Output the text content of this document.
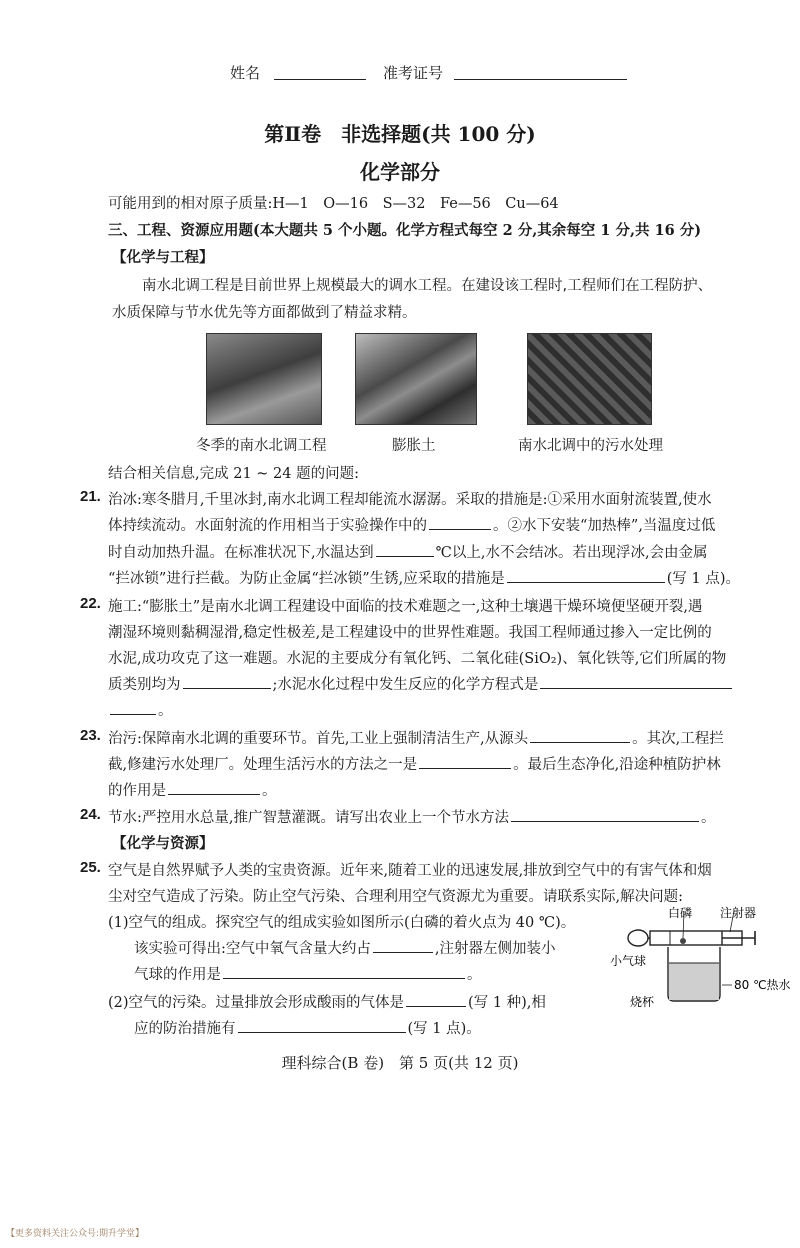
姓名	准考证号
第Ⅱ卷　非选择题(共 100 分)
化学部分
可能用到的相对原子质量:H—1　O—16　S—32　Fe—56　Cu—64
三、工程、资源应用题(本大题共 5 个小题。化学方程式每空 2 分,其余每空 1 分,共 16 分)
【化学与工程】
南水北调工程是目前世界上规模最大的调水工程。在建设该工程时,工程师们在工程防护、
水质保障与节水优先等方面都做到了精益求精。
冬季的南水北调工程	膨胀土	南水北调中的污水处理
结合相关信息,完成 21 ~ 24 题的问题:
21. 治冰:寒冬腊月,千里冰封,南水北调工程却能流水潺潺。采取的措施是:①采用水面射流装置,使水
体持续流动。水面射流的作用相当于实验操作中的	。②水下安装“加热棒”,当温度过低
时自动加热升温。在标准状况下,水温达到	℃以上,水不会结冰。若出现浮冰,会由金属
“拦冰锁”进行拦截。为防止金属“拦冰锁”生锈,应采取的措施是	(写 1 点)。
22. 施工:“膨胀土”是南水北调工程建设中面临的技术难题之一,这种土壤遇干燥环境便坚硬开裂,遇
潮湿环境则黏稠湿滑,稳定性极差,是工程建设中的世界性难题。我国工程师通过掺入一定比例的
水泥,成功攻克了这一难题。水泥的主要成分有氧化钙、二氧化硅(SiO₂)、氧化铁等,它们所属的物
质类别均为	;水泥水化过程中发生反应的化学方程式是
。
23. 治污:保障南水北调的重要环节。首先,工业上强制清洁生产,从源头	。其次,工程拦
截,修建污水处理厂。处理生活污水的方法之一是	。最后生态净化,沿途种植防护林
的作用是	。
24. 节水:严控用水总量,推广智慧灌溉。请写出农业上一个节水方法	。
【化学与资源】
25. 空气是自然界赋予人类的宝贵资源。近年来,随着工业的迅速发展,排放到空气中的有害气体和烟
尘对空气造成了污染。防止空气污染、合理利用空气资源尤为重要。请联系实际,解决问题:
(1)空气的组成。探究空气的组成实验如图所示(白磷的着火点为 40 ℃)。
该实验可得出:空气中氧气含量大约占	,注射器左侧加装小
气球的作用是	。
(2)空气的污染。过量排放会形成酸雨的气体是	(写 1 种),相
应的防治措施有	(写 1 点)。
白磷 注射器
小气球
烧杯
80 ℃热水
理科综合(B 卷)　第 5 页(共 12 页)
【更多资料关注公众号:期升学堂】
